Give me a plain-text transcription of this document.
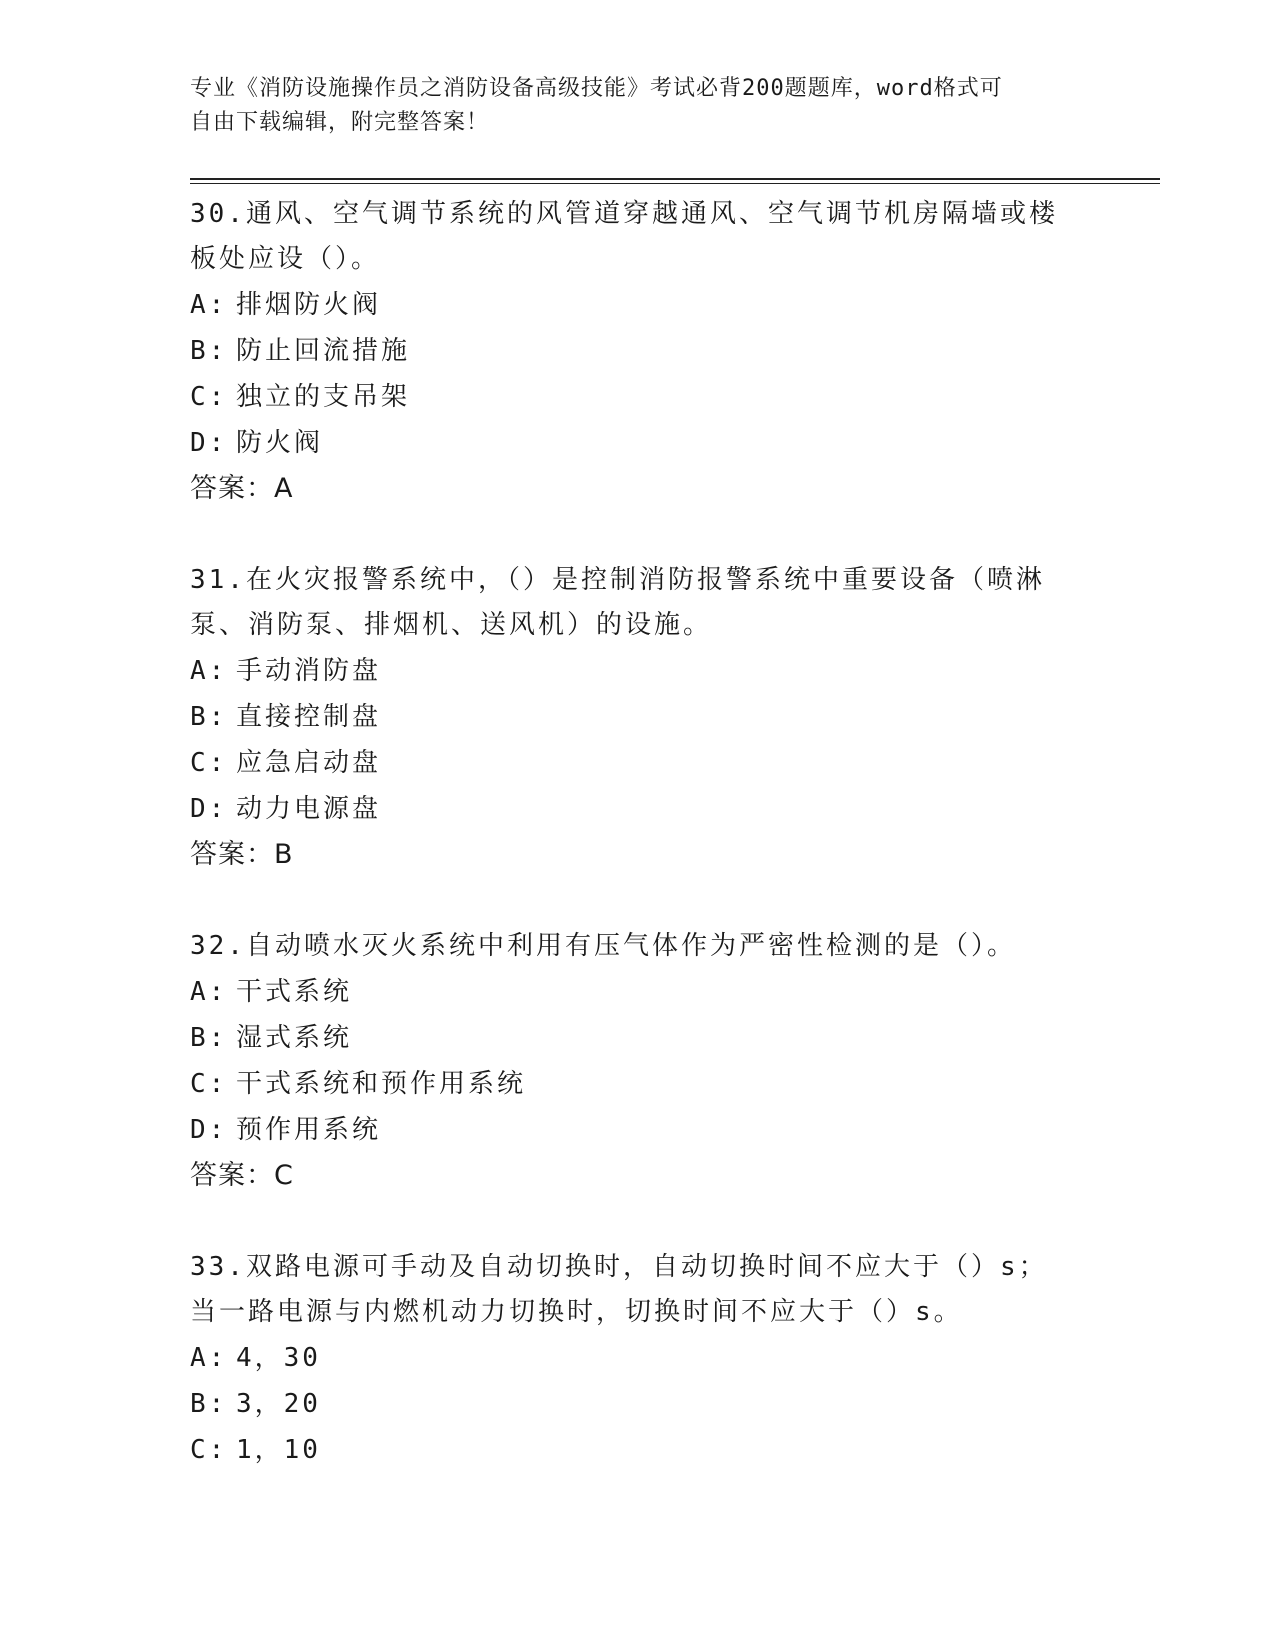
专业《消防设施操作员之消防设备高级技能》考试必背200题题库，word格式可
自由下载编辑，附完整答案！
30.通风、空气调节系统的风管道穿越通风、空气调节机房隔墙或楼板处应设（）。
A: 排烟防火阀
B: 防止回流措施
C: 独立的支吊架
D: 防火阀
答案：A
31.在火灾报警系统中，（）是控制消防报警系统中重要设备（喷淋泵、消防泵、排烟机、送风机）的设施。
A: 手动消防盘
B: 直接控制盘
C: 应急启动盘
D: 动力电源盘
答案：B
32.自动喷水灭火系统中利用有压气体作为严密性检测的是（）。
A: 干式系统
B: 湿式系统
C: 干式系统和预作用系统
D: 预作用系统
答案：C
33.双路电源可手动及自动切换时，自动切换时间不应大于（）s；当一路电源与内燃机动力切换时，切换时间不应大于（）s。
A: 4，30
B: 3，20
C: 1，10
